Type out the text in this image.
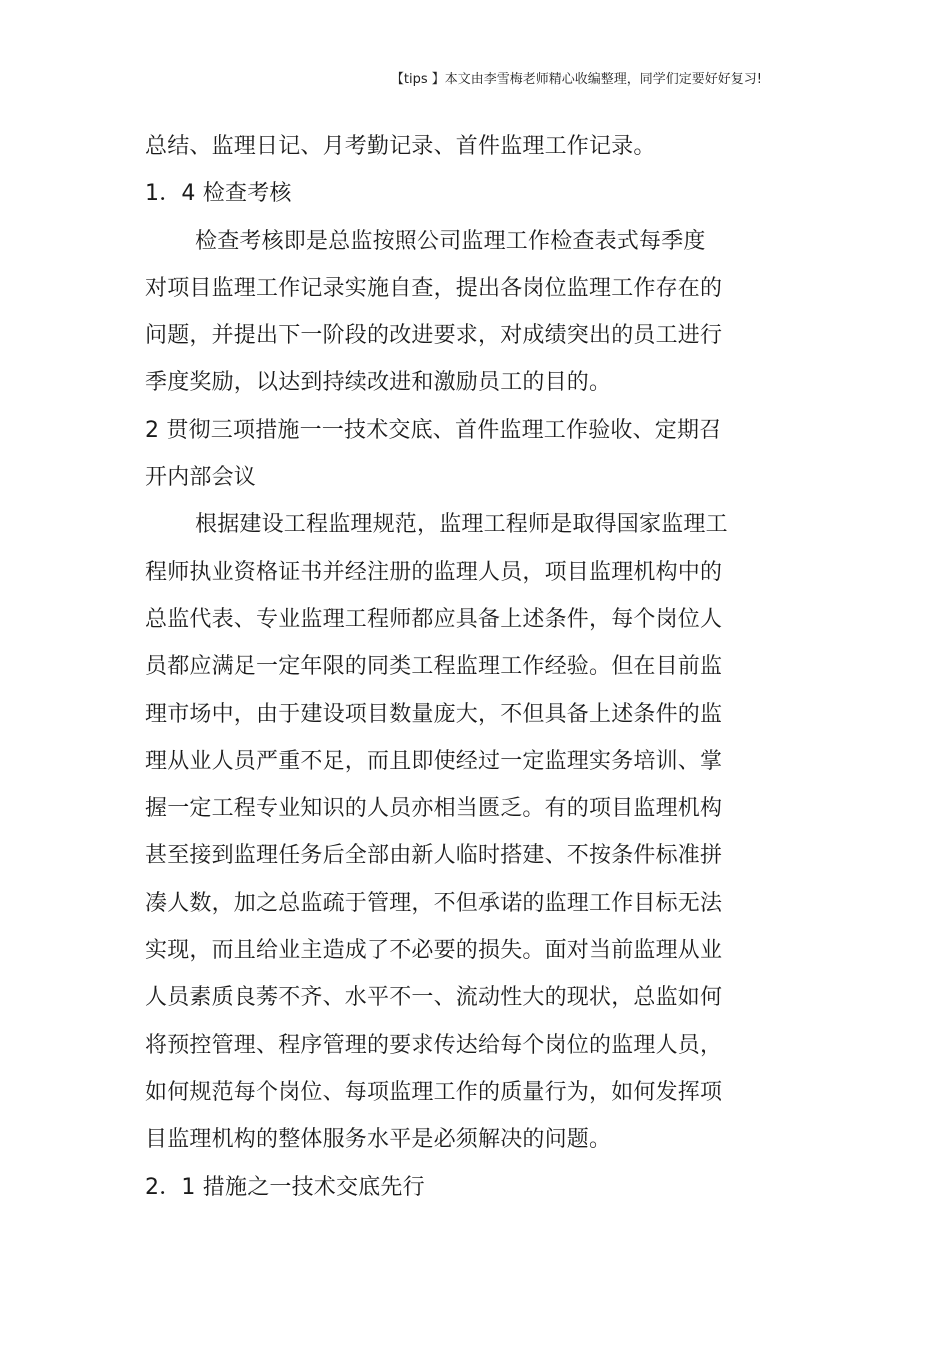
【tips 】本文由李雪梅老师精心收编整理，同学们定要好好复习!
总结、监理日记、月考勤记录、首件监理工作记录。
1．4 检查考核
检查考核即是总监按照公司监理工作检查表式每季度
对项目监理工作记录实施自查，提出各岗位监理工作存在的
问题，并提出下一阶段的改进要求，对成绩突出的员工进行
季度奖励，以达到持续改进和激励员工的目的。
2 贯彻三项措施一一技术交底、首件监理工作验收、定期召
开内部会议
根据建设工程监理规范，监理工程师是取得国家监理工
程师执业资格证书并经注册的监理人员，项目监理机构中的
总监代表、专业监理工程师都应具备上述条件，每个岗位人
员都应满足一定年限的同类工程监理工作经验。但在目前监
理市场中，由于建设项目数量庞大，不但具备上述条件的监
理从业人员严重不足，而且即使经过一定监理实务培训、掌
握一定工程专业知识的人员亦相当匮乏。有的项目监理机构
甚至接到监理任务后全部由新人临时搭建、不按条件标准拼
凑人数，加之总监疏于管理，不但承诺的监理工作目标无法
实现，而且给业主造成了不必要的损失。面对当前监理从业
人员素质良莠不齐、水平不一、流动性大的现状，总监如何
将预控管理、程序管理的要求传达给每个岗位的监理人员，
如何规范每个岗位、每项监理工作的质量行为，如何发挥项
目监理机构的整体服务水平是必须解决的问题。
2．1 措施之一技术交底先行
